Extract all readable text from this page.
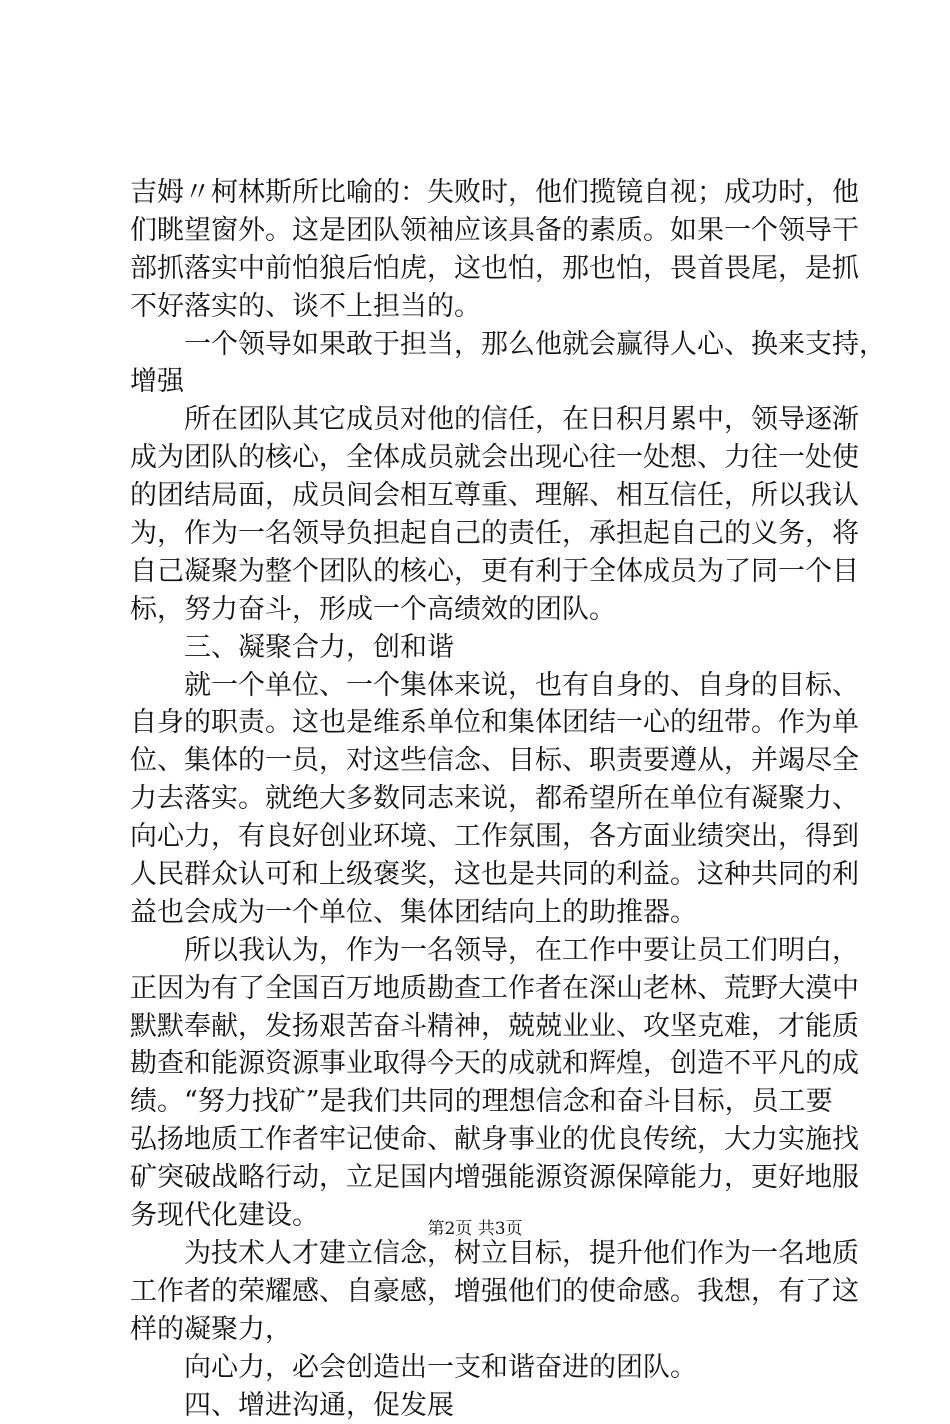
吉姆〃柯林斯所比喻的：失败时，他们揽镜自视；成功时，他
们眺望窗外。这是团队领袖应该具备的素质。如果一个领导干
部抓落实中前怕狼后怕虎，这也怕，那也怕，畏首畏尾，是抓
不好落实的、谈不上担当的。
一个领导如果敢于担当，那么他就会赢得人心、换来支持，
增强
所在团队其它成员对他的信任，在日积月累中，领导逐渐
成为团队的核心，全体成员就会出现心往一处想、力往一处使
的团结局面，成员间会相互尊重、理解、相互信任，所以我认
为，作为一名领导负担起自己的责任，承担起自己的义务，将
自己凝聚为整个团队的核心，更有利于全体成员为了同一个目
标，努力奋斗，形成一个高绩效的团队。
三、凝聚合力，创和谐
就一个单位、一个集体来说，也有自身的、自身的目标、
自身的职责。这也是维系单位和集体团结一心的纽带。作为单
位、集体的一员，对这些信念、目标、职责要遵从，并竭尽全
力去落实。就绝大多数同志来说，都希望所在单位有凝聚力、
向心力，有良好创业环境、工作氛围，各方面业绩突出，得到
人民群众认可和上级褒奖，这也是共同的利益。这种共同的利
益也会成为一个单位、集体团结向上的助推器。
所以我认为，作为一名领导，在工作中要让员工们明白，
正因为有了全国百万地质勘查工作者在深山老林、荒野大漠中
默默奉献，发扬艰苦奋斗精神，兢兢业业、攻坚克难，才能质
勘查和能源资源事业取得今天的成就和辉煌，创造不平凡的成
绩。“努力找矿”是我们共同的理想信念和奋斗目标，员工要
弘扬地质工作者牢记使命、献身事业的优良传统，大力实施找
矿突破战略行动，立足国内增强能源资源保障能力，更好地服
务现代化建设。
为技术人才建立信念，树立目标，提升他们作为一名地质
工作者的荣耀感、自豪感，增强他们的使命感。我想，有了这
样的凝聚力，
向心力，必会创造出一支和谐奋进的团队。
四、增进沟通，促发展
第2页 共3页
